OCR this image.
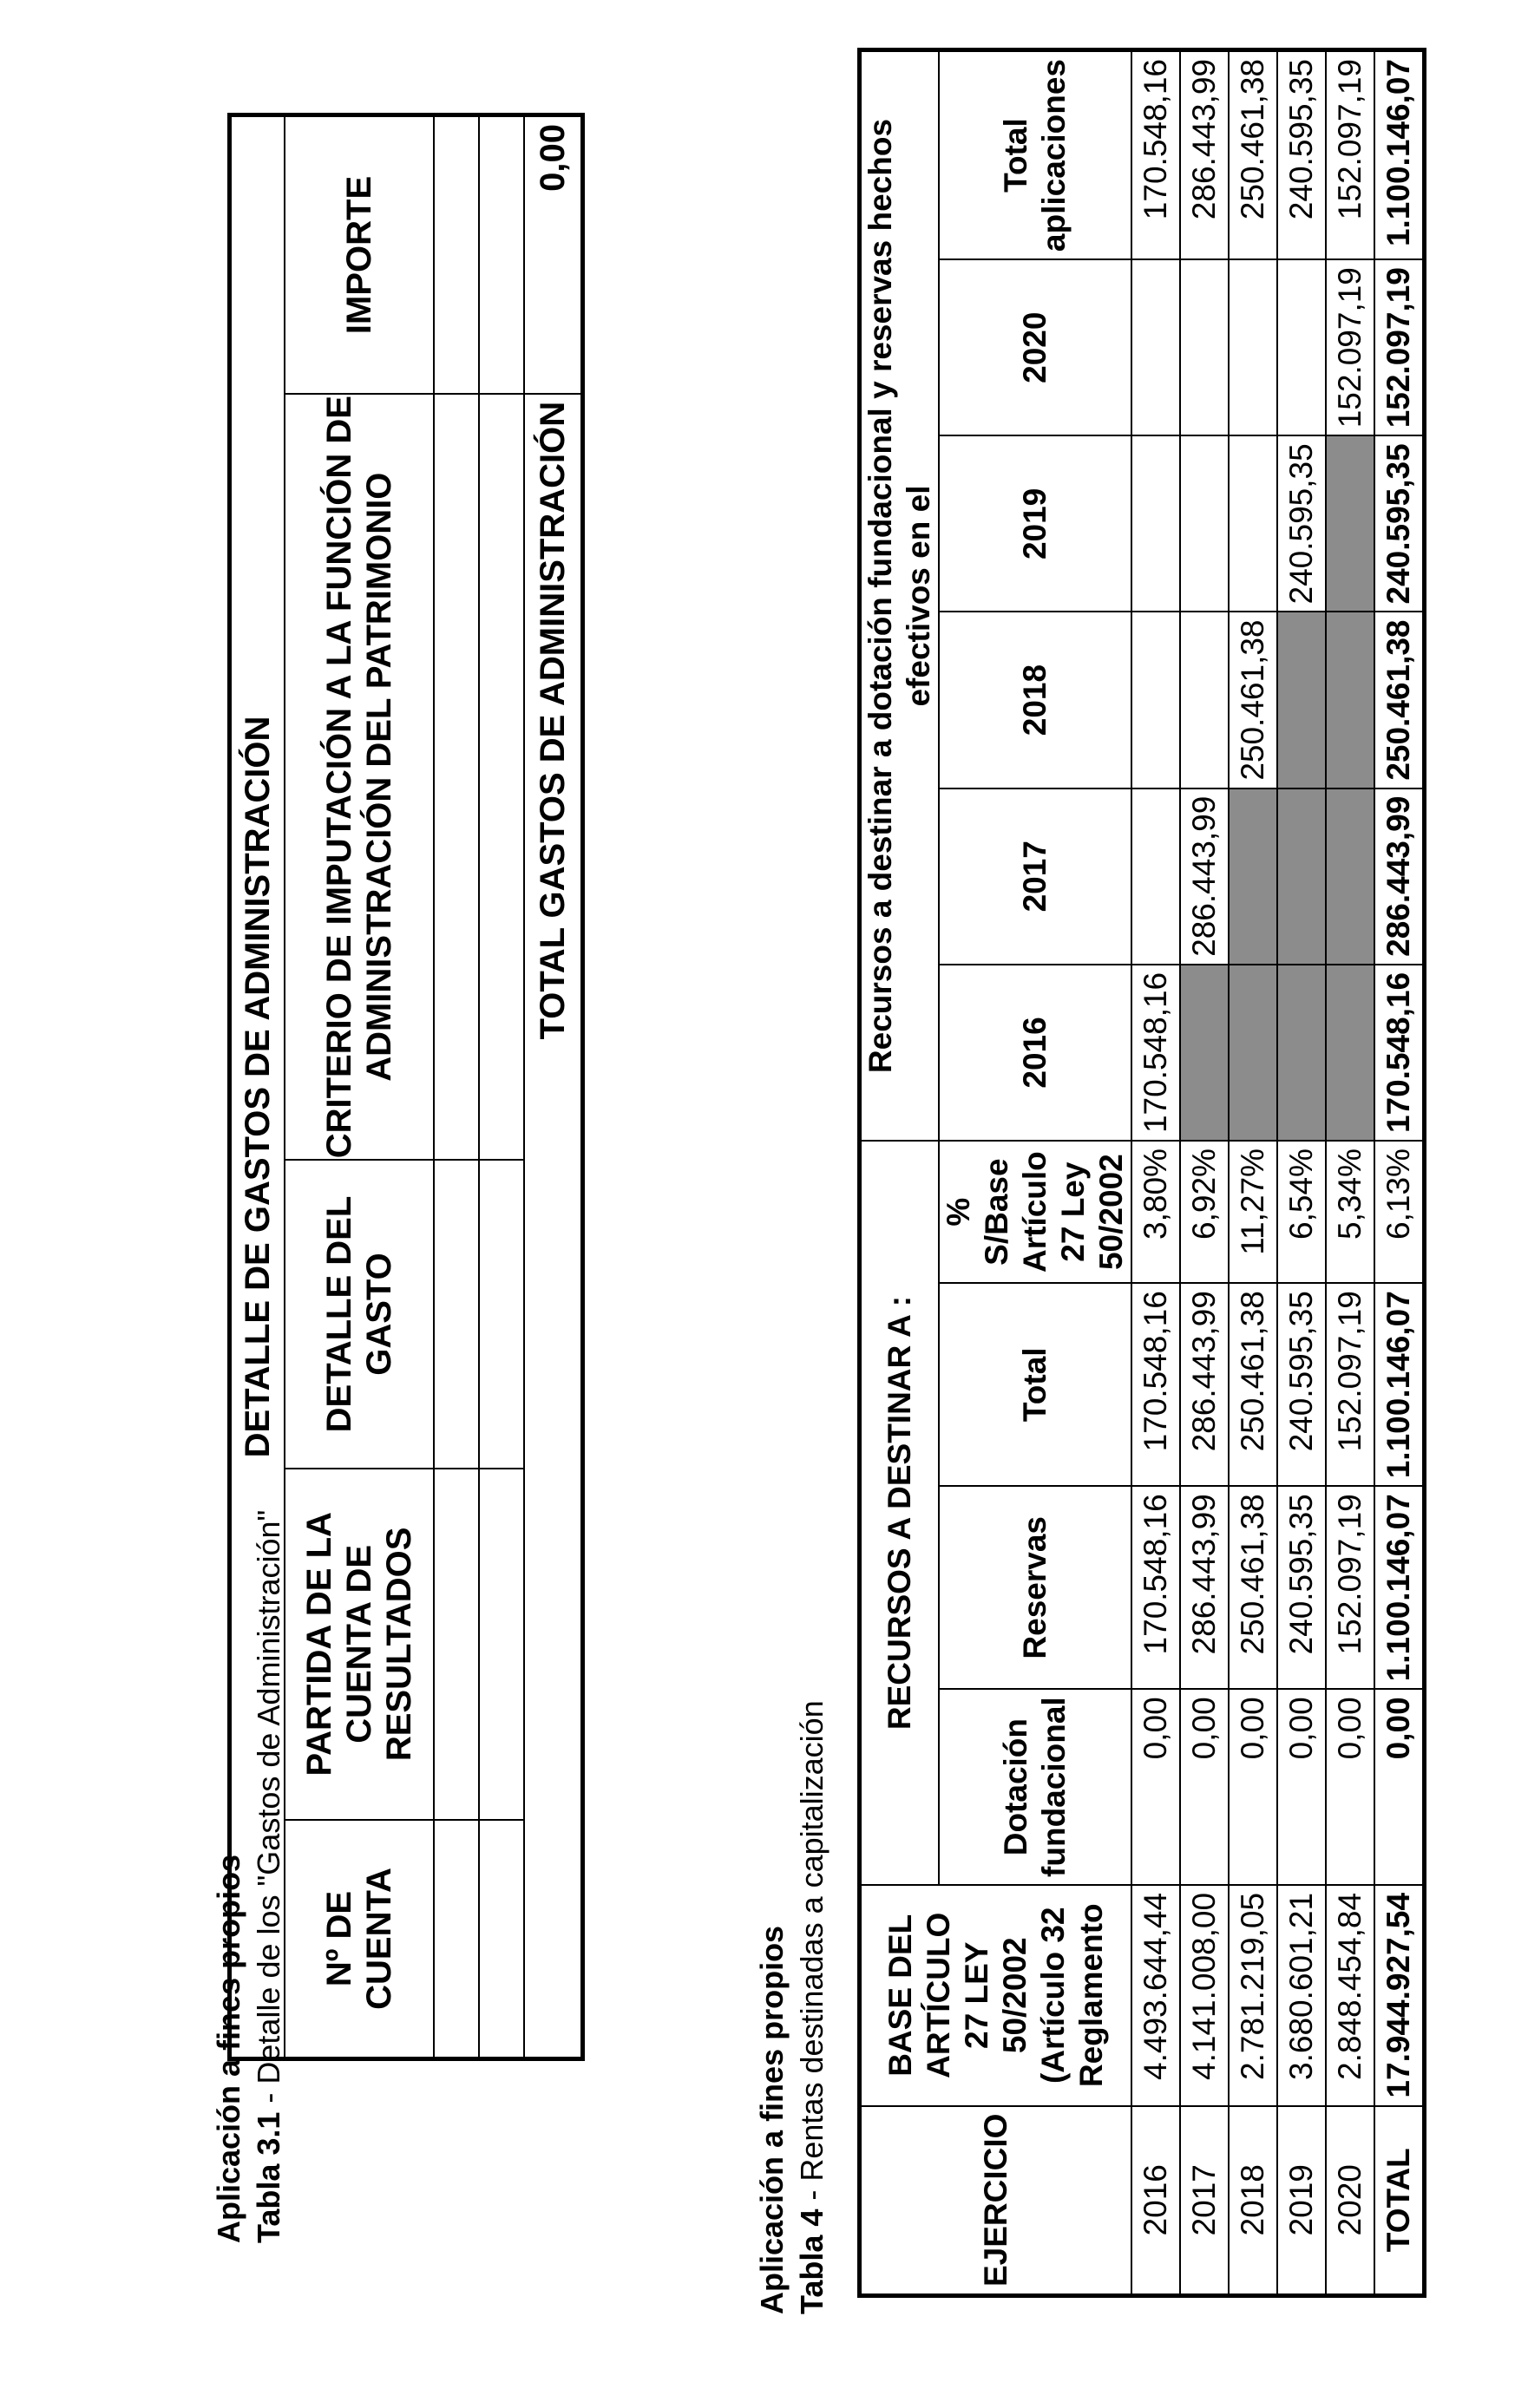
Aplicación a fines propios Tabla 3.1 - Detalle de los "Gastos de Administración"
DETALLE DE GASTOS DE ADMINISTRACIÓN				
Nº DE CUENTA	PARTIDA DE LA CUENTA DE RESULTADOS	DETALLE DEL GASTO	CRITERIO DE IMPUTACIÓN A LA FUNCIÓN DE ADMINISTRACIÓN DEL PATRIMONIO	IMPORTE

TOTAL GASTOS DE ADMINISTRACIÓN				0,00
Aplicación a fines propios Tabla 4 - Rentas destinadas a capitalización	EJERCICIO	BASE DEL ARTÍCULO 27 LEY 50/2002 (Artículo 32 Reglamento	RECURSOS A DESTINAR A :				Recursos a destinar a dotación fundacional y reservas hechos efectivos en el					
		Dotación fundacional	Reservas	Total	% S/Base Artículo 27 Ley 50/2002	2016	2017	2018	2019	2020	Total aplicaciones
2016	4.493.644,44	0,00	170.548,16	170.548,16	3,80%	170.548,16					170.548,16
2017	4.141.008,00	0,00	286.443,99	286.443,99	6,92%		286.443,99				286.443,99
2018	2.781.219,05	0,00	250.461,38	250.461,38	11,27%			250.461,38			250.461,38
2019	3.680.601,21	0,00	240.595,35	240.595,35	6,54%				240.595,35		240.595,35
2020	2.848.454,84	0,00	152.097,19	152.097,19	5,34%					152.097,19	152.097,19
TOTAL	17.944.927,54	0,00	1.100.146,07	1.100.146,07	6,13%	170.548,16	286.443,99	250.461,38	240.595,35	152.097,19	1.100.146,07
